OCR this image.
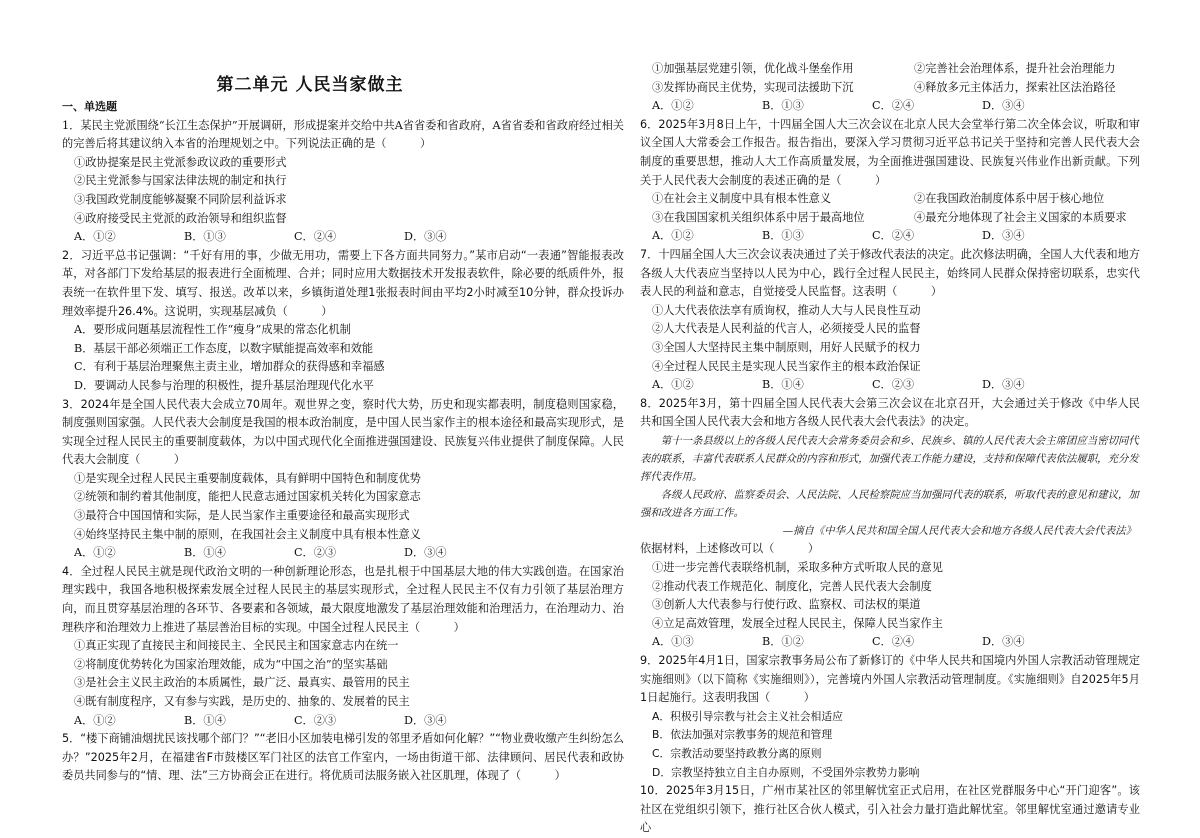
第二单元 人民当家做主
一、单选题

1．某民主党派围绕“长江生态保护”开展调研，形成提案并交给中共A省省委和省政府，A省省委和省政府经过相关的完善后将其建议纳入本省的治理规划之中。下列说法正确的是（　　　）

①政协提案是民主党派参政议政的重要形式

②民主党派参与国家法律法规的制定和执行

③我国政党制度能够凝聚不同阶层利益诉求

④政府接受民主党派的政治领导和组织监督

A．①②	B．①③	C．②④	D．③④

2．习近平总书记强调：“千好有用的事，少做无用功，需要上下各方面共同努力。”某市启动“一表通”智能报表改革，对各部门下发给基层的报表进行全面梳理、合并；同时应用大数据技术开发报表软件，除必要的纸质件外，报表统一在软件里下发、填写、报送。改革以来，乡镇街道处理1张报表时间由平均2小时减至10分钟，群众投诉办理效率提升26.4%。这说明，实现基层减负（　　　）

A．要形成问题基层流程性工作“瘦身”成果的常态化机制

B．基层干部必须端正工作态度，以数字赋能提高效率和效能

C．有利于基层治理聚焦主责主业，增加群众的获得感和幸福感

D．要调动人民参与治理的积极性，提升基层治理现代化水平

3．2024年是全国人民代表大会成立70周年。观世界之变，察时代大势，历史和现实都表明，制度稳则国家稳，制度强则国家强。人民代表大会制度是我国的根本政治制度，是中国人民当家作主的根本途径和最高实现形式，是实现全过程人民民主的重要制度载体，为以中国式现代化全面推进强国建设、民族复兴伟业提供了制度保障。人民代表大会制度（　　　）

①是实现全过程人民民主重要制度载体，具有鲜明中国特色和制度优势

②统领和制约着其他制度，能把人民意志通过国家机关转化为国家意志

③最符合中国国情和实际，是人民当家作主重要途径和最高实现形式

④始终坚持民主集中制的原则，在我国社会主义制度中具有根本性意义

A．①②	B．①④	C．②③	D．③④

4．全过程人民民主就是现代政治文明的一种创新理论形态，也是扎根于中国基层大地的伟大实践创造。在国家治理实践中，我国各地积极探索发展全过程人民民主的基层实现形式，全过程人民民主不仅有力引领了基层治理方向，而且贯穿基层治理的各环节、各要素和各领域，最大限度地激发了基层治理效能和治理活力，在治理动力、治理秩序和治理效力上推进了基层善治目标的实现。中国全过程人民民主（　　　）

①真正实现了直接民主和间接民主、全民民主和国家意志内在统一

②将制度优势转化为国家治理效能，成为“中国之治”的坚实基础

③是社会主义民主政治的本质属性，最广泛、最真实、最管用的民主

④既有制度程序，又有参与实践，是历史的、抽象的、发展着的民主

A．①②	B．①④	C．②③	D．③④

5．“楼下商铺油烟扰民该找哪个部门？”“老旧小区加装电梯引发的邻里矛盾如何化解？”“物业费收缴产生纠纷怎么办？”2025年2月，在福建省F市鼓楼区军门社区的法官工作室内，一场由街道干部、法律顾问、居民代表和政协委员共同参与的“情、理、法”三方协商会正在进行。将优质司法服务嵌入社区肌理，体现了（　　　）

①加强基层党建引领，优化战斗堡垒作用	②完善社会治理体系，提升社会治理能力
③发挥协商民主优势，实现司法援助下沉	④释放多元主体活力，探索社区法治路径
A．①②	B．①③	C．②④	D．③④

6．2025年3月8日上午，十四届全国人大三次会议在北京人民大会堂举行第二次全体会议，听取和审议全国人大常委会工作报告。报告指出，要深入学习贯彻习近平总书记关于坚持和完善人民代表大会制度的重要思想，推动人大工作高质量发展，为全面推进强国建设、民族复兴伟业作出新贡献。下列关于人民代表大会制度的表述正确的是（　　　）

①在社会主义制度中具有根本性意义	②在我国政治制度体系中居于核心地位
③在我国国家机关组织体系中居于最高地位	④最充分地体现了社会主义国家的本质要求
A．①②	B．①③	C．②④	D．③④

7．十四届全国人大三次会议表决通过了关于修改代表法的决定。此次修法明确，全国人大代表和地方各级人大代表应当坚持以人民为中心，践行全过程人民民主，始终同人民群众保持密切联系，忠实代表人民的利益和意志，自觉接受人民监督。这表明（　　　）

①人大代表依法享有质询权，推动人大与人民良性互动

②人大代表是人民利益的代言人，必须接受人民的监督

③全国人大坚持民主集中制原则，用好人民赋予的权力

④全过程人民民主是实现人民当家作主的根本政治保证

A．①②	B．①④	C．②③	D．③④

8．2025年3月，第十四届全国人民代表大会第三次会议在北京召开，大会通过关于修改《中华人民共和国全国人民代表大会和地方各级人民代表大会代表法》的决定。

第十一条县级以上的各级人民代表大会常务委员会和乡、民族乡、镇的人民代表大会主席团应当密切同代表的联系，丰富代表联系人民群众的内容和形式，加强代表工作能力建设，支持和保障代表依法履职，充分发挥代表作用。

各级人民政府、监察委员会、人民法院、人民检察院应当加强同代表的联系，听取代表的意见和建议，加强和改进各方面工作。

—摘自《中华人民共和国全国人民代表大会和地方各级人民代表大会代表法》

依据材料，上述修改可以（　　　）

①进一步完善代表联络机制，采取多种方式听取人民的意见

②推动代表工作规范化、制度化，完善人民代表大会制度

③创新人大代表参与行使行政、监察权、司法权的渠道

④立足高效管理，发展全过程人民民主，保障人民当家作主

A．①③	B．①②	C．②④	D．③④

9．2025年4月1日，国家宗教事务局公布了新修订的《中华人民共和国境内外国人宗教活动管理规定实施细则》（以下简称《实施细则》），完善境内外国人宗教活动管理制度。《实施细则》自2025年5月1日起施行。这表明我国（　　　）

A．积极引导宗教与社会主义社会相适应

B．依法加强对宗教事务的规范和管理

C．宗教活动要坚持政教分离的原则

D．宗教坚持独立自主自办原则，不受国外宗教势力影响

10．2025年3月15日，广州市某社区的邻里解忧室正式启用，在社区党群服务中心“开门迎客”。该社区在党组织引领下，推行社区合伙人模式，引入社会力量打造此解忧室。邻里解忧室通过邀请专业心
